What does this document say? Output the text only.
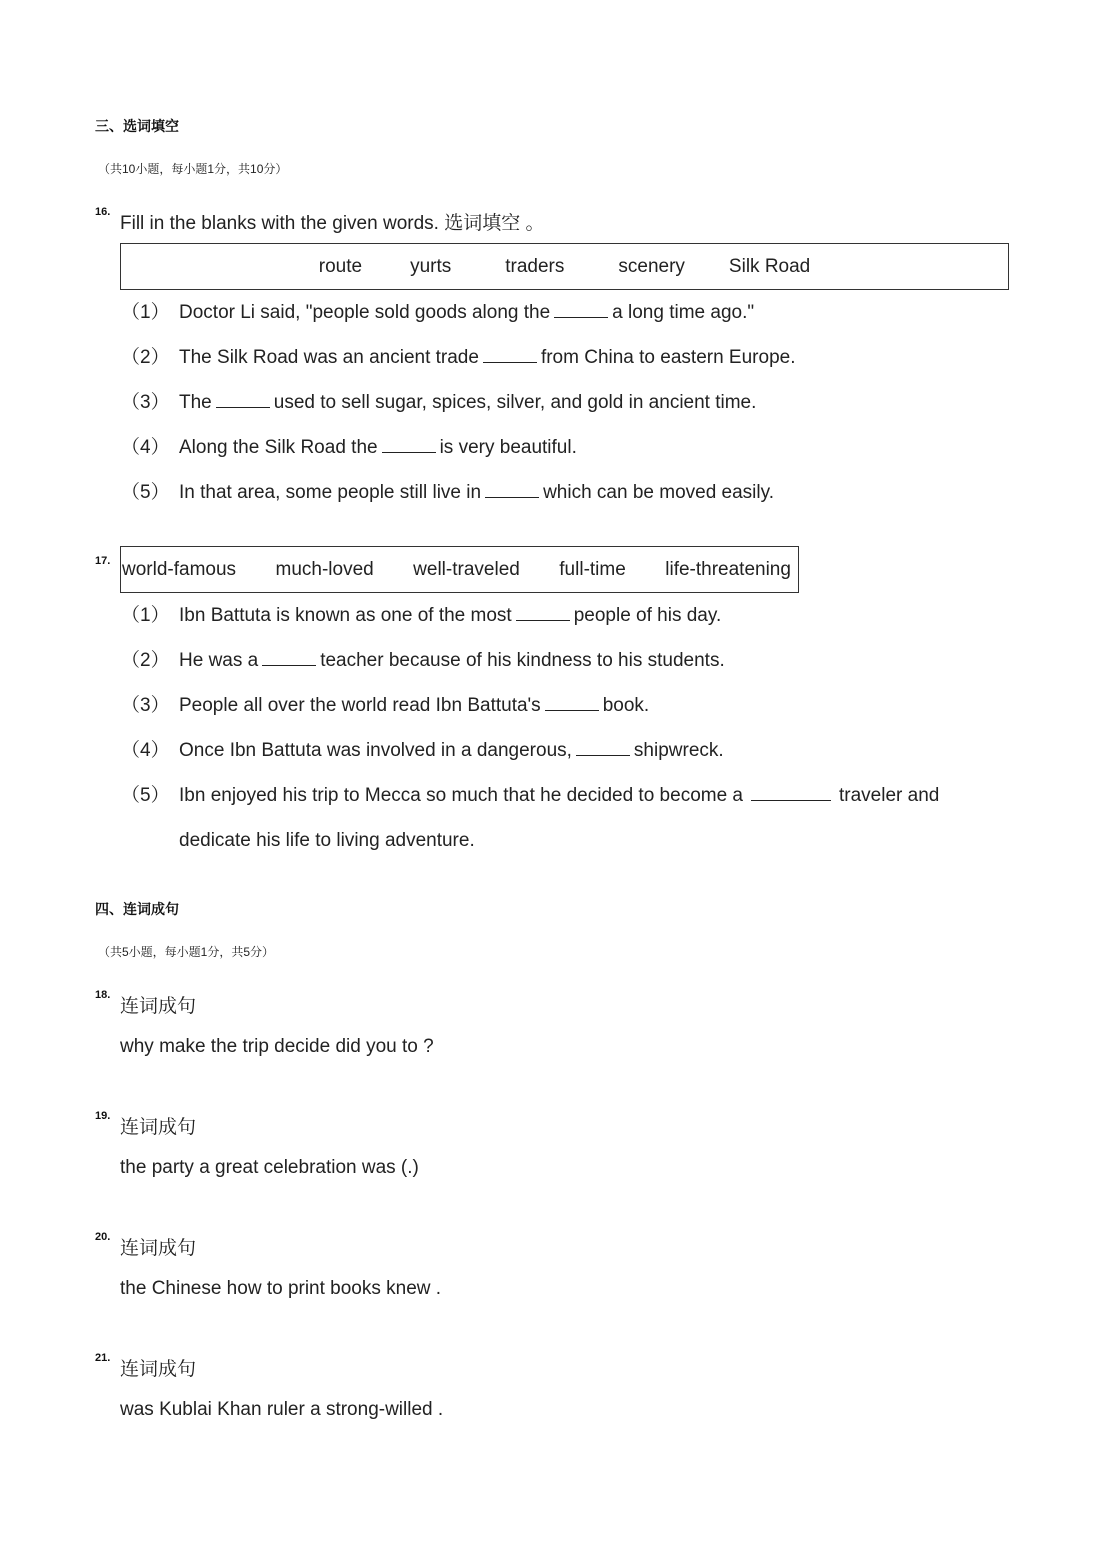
三、选词填空
（共10小题，每小题1分，共10分）
16.
Fill in the blanks with the given words. 选词填空 。
route	yurts	traders	scenery Silk Road
（1） Doctor Li said, "people sold goods along the	a long time ago."
（2） The Silk Road was an ancient trade	from China to eastern Europe.
（3） The	used to sell sugar, spices, silver, and gold in ancient time.
（4） Along the Silk Road the	is very beautiful.
（5） In that area, some people still live in	which can be moved easily.
17. world-famous much-loved well-traveled full-time life-threatening
（1） Ibn Battuta is known as one of the most	people of his day.
（2） He was a	teacher because of his kindness to his students.
（3） People all over the world read Ibn Battuta's	book.
（4） Once Ibn Battuta was involved in a dangerous,	shipwreck.
（5） Ibn enjoyed his trip to Mecca so much that he decided to become a	traveler and
dedicate his life to living adventure.
四、连词成句
（共5小题，每小题1分，共5分）
18.
连词成句
why make the trip decide did you to ?
19.
连词成句
the party a great celebration was (.)
20.
连词成句
the Chinese how to print books knew .
21.
连词成句
was Kublai Khan ruler a strong-willed .
